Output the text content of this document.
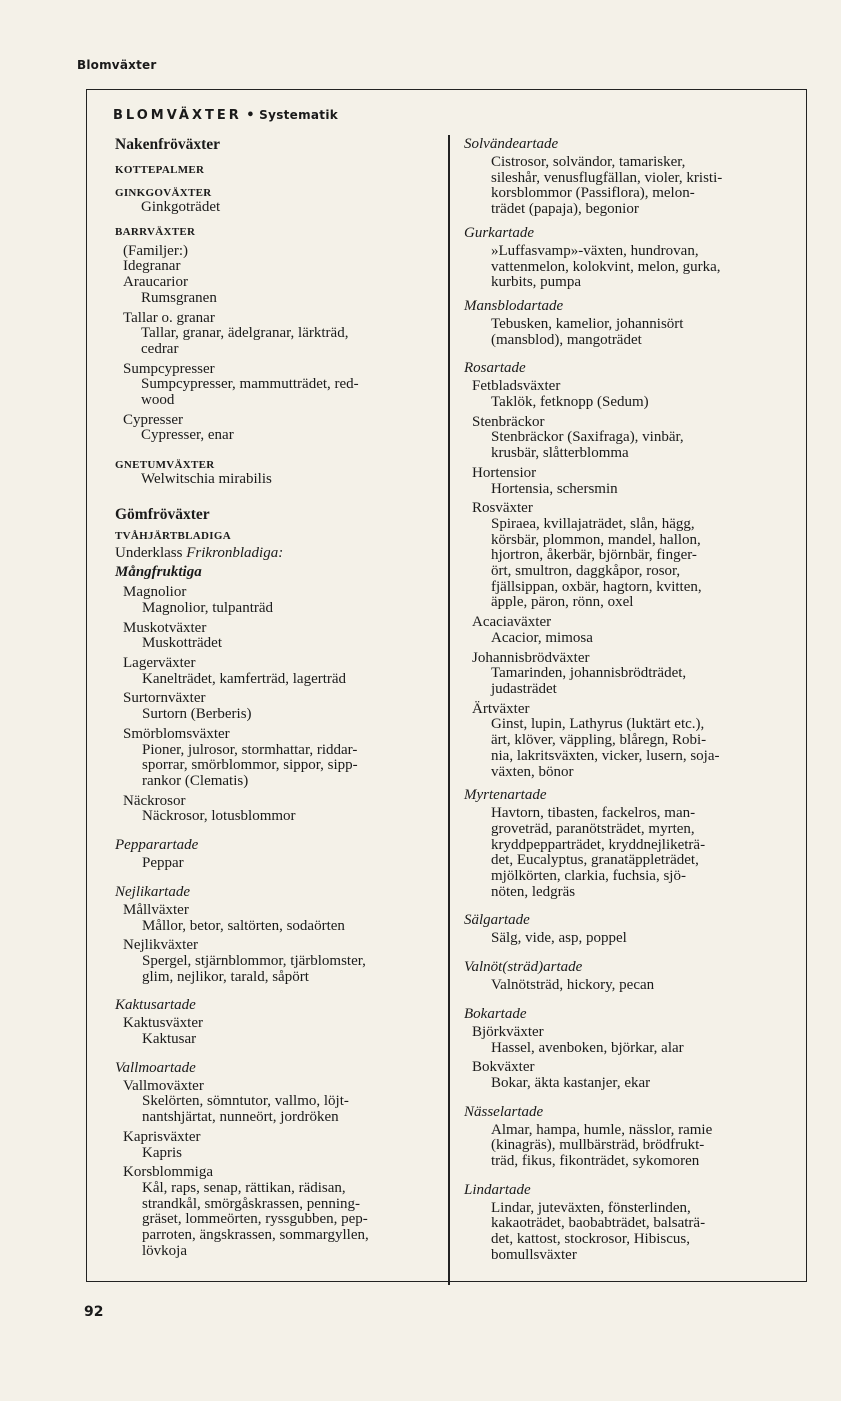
Blomväxter
BLOMVÄXTER • Systematik
Nakenfröväxter
KOTTEPALMER
GINKGOVÄXTER
Ginkgoträdet
BARRVÄXTER
(Familjer:)
Idegranar
Araucarior
Rumsgranen
Tallar o. granar
Tallar, granar, ädelgranar, lärkträd,
cedrar
Sumpcypresser
Sumpcypresser, mammutträdet, red-
wood
Cypresser
Cypresser, enar
GNETUMVÄXTER
Welwitschia mirabilis
Gömfröväxter
TVÅHJÄRTBLADIGA
Underklass Frikronbladiga:
Mångfruktiga
Magnolior
Magnolior, tulpanträd
Muskotväxter
Muskotträdet
Lagerväxter
Kanelträdet, kamferträd, lagerträd
Surtornväxter
Surtorn (Berberis)
Smörblomsväxter
Pioner, julrosor, stormhattar, riddar-
sporrar, smörblommor, sippor, sipp-
rankor (Clematis)
Näckrosor
Näckrosor, lotusblommor
Pepparartade
Peppar
Nejlikartade
Mållväxter
Mållor, betor, saltörten, sodaörten
Nejlikväxter
Spergel, stjärnblommor, tjärblomster,
glim, nejlikor, tarald, såpört
Kaktusartade
Kaktusväxter
Kaktusar
Vallmoartade
Vallmoväxter
Skelörten, sömntutor, vallmo, löjt-
nantshjärtat, nunneört, jordröken
Kaprisväxter
Kapris
Korsblommiga
Kål, raps, senap, rättikan, rädisan,
strandkål, smörgåskrassen, penning-
gräset, lommeörten, ryssgubben, pep-
parroten, ängskrassen, sommargyllen,
lövkoja
Solvändeartade
Cistrosor, solvändor, tamarisker,
sileshår, venusflugfällan, violer, kristi-
korsblommor (Passiflora), melon-
trädet (papaja), begonior
Gurkartade
»Luffasvamp»-växten, hundrovan,
vattenmelon, kolokvint, melon, gurka,
kurbits, pumpa
Mansblodartade
Tebusken, kamelior, johannisört
(mansblod), mangoträdet
Rosartade
Fetbladsväxter
Taklök, fetknopp (Sedum)
Stenbräckor
Stenbräckor (Saxifraga), vinbär,
krusbär, slåtterblomma
Hortensior
Hortensia, schersmin
Rosväxter
Spiraea, kvillajaträdet, slån, hägg,
körsbär, plommon, mandel, hallon,
hjortron, åkerbär, björnbär, finger-
ört, smultron, daggkåpor, rosor,
fjällsippan, oxbär, hagtorn, kvitten,
äpple, päron, rönn, oxel
Acaciaväxter
Acacior, mimosa
Johannisbrödväxter
Tamarinden, johannisbrödträdet,
judasträdet
Ärtväxter
Ginst, lupin, Lathyrus (luktärt etc.),
ärt, klöver, väppling, blåregn, Robi-
nia, lakritsväxten, vicker, lusern, soja-
växten, bönor
Myrtenartade
Havtorn, tibasten, fackelros, man-
groveträd, paranötsträdet, myrten,
kryddpepparträdet, kryddnejliketrä-
det, Eucalyptus, granatäppleträdet,
mjölkörten, clarkia, fuchsia, sjö-
nöten, ledgräs
Sälgartade
Sälg, vide, asp, poppel
Valnöt(sträd)artade
Valnötsträd, hickory, pecan
Bokartade
Björkväxter
Hassel, avenboken, björkar, alar
Bokväxter
Bokar, äkta kastanjer, ekar
Nässelartade
Almar, hampa, humle, nässlor, ramie
(kinagräs), mullbärsträd, brödfrukt-
träd, fikus, fikonträdet, sykomoren
Lindartade
Lindar, juteväxten, fönsterlinden,
kakaoträdet, baobabträdet, balsaträ-
det, kattost, stockrosor, Hibiscus,
bomullsväxter
92
